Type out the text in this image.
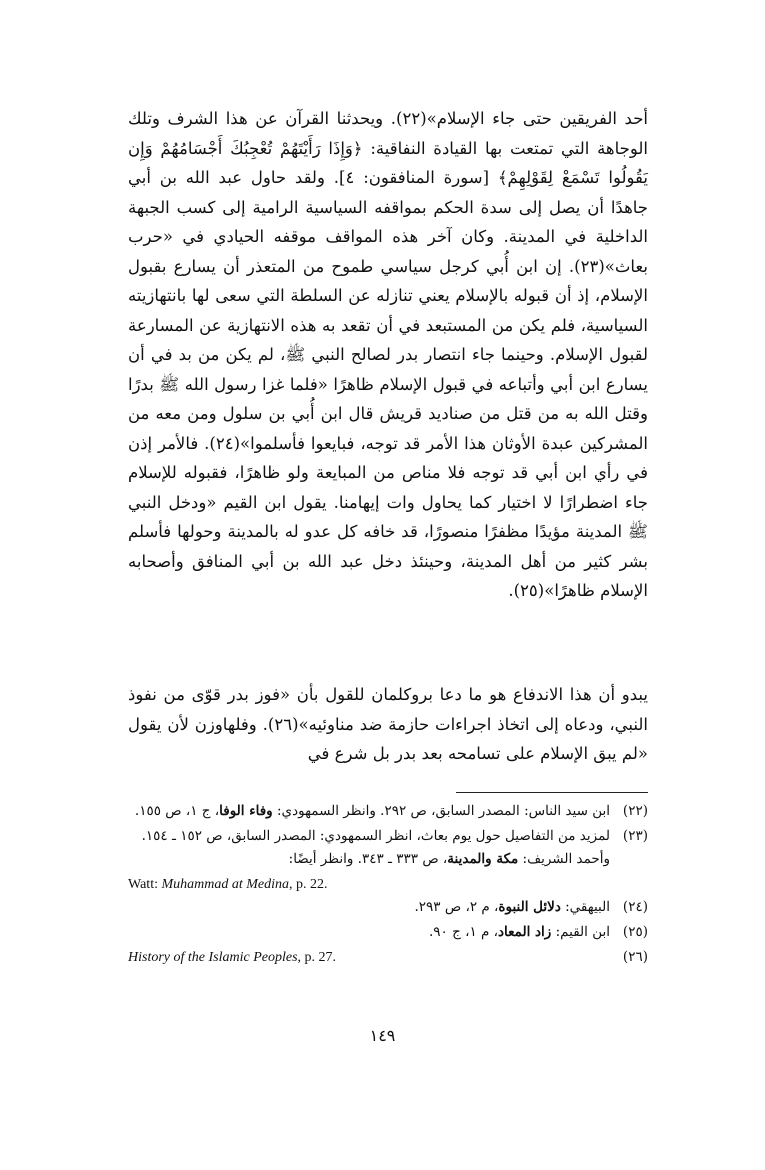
أحد الفريقين حتى جاء الإسلام»(٢٢). ويحدثنا القرآن عن هذا الشرف وتلك الوجاهة التي تمتعت بها القيادة النفاقية: ﴿وَإِذَا رَأَيْتَهُمْ تُعْجِبُكَ أَجْسَامُهُمْ وَإِن يَقُولُوا تَسْمَعْ لِقَوْلِهِمْ﴾ [سورة المنافقون: ٤]. ولقد حاول عبد الله بن أبي جاهدًا أن يصل إلى سدة الحكم بمواقفه السياسية الرامية إلى كسب الجبهة الداخلية في المدينة. وكان آخر هذه المواقف موقفه الحيادي في «حرب بعاث»(٢٣). إن ابن أُبي كرجل سياسي طموح من المتعذر أن يسارع بقبول الإسلام، إذ أن قبوله بالإسلام يعني تنازله عن السلطة التي سعى لها بانتهازيته السياسية، فلم يكن من المستبعد في أن تقعد به هذه الانتهازية عن المسارعة لقبول الإسلام. وحينما جاء انتصار بدر لصالح النبي ﷺ، لم يكن من بد في أن يسارع ابن أبي وأتباعه في قبول الإسلام ظاهرًا «فلما غزا رسول الله ﷺ بدرًا وقتل الله به من قتل من صناديد قريش قال ابن أُبي بن سلول ومن معه من المشركين عبدة الأوثان هذا الأمر قد توجه، فبايعوا فأسلموا»(٢٤). فالأمر إذن في رأي ابن أبي قد توجه فلا مناص من المبايعة ولو ظاهرًا، فقبوله للإسلام جاء اضطرارًا لا اختيار كما يحاول وات إيهامنا. يقول ابن القيم «ودخل النبي ﷺ المدينة مؤيدًا مظفرًا منصورًا، قد خافه كل عدو له بالمدينة وحولها فأسلم بشر كثير من أهل المدينة، وحينئذ دخل عبد الله بن أبي المنافق وأصحابه الإسلام ظاهرًا»(٢٥).

يبدو أن هذا الاندفاع هو ما دعا بروكلمان للقول بأن «فوز بدر قوّى من نفوذ النبي، ودعاه إلى اتخاذ اجراءات حازمة ضد مناوئيه»(٢٦). وفلهاوزن لأن يقول «لم يبق الإسلام على تسامحه بعد بدر بل شرع في

(٢٢)
ابن سيد الناس: المصدر السابق، ص ٢٩٢. وانظر السمهودي: وفاء الوفا، ج ١، ص ١٥٥.
(٢٣)
لمزيد من التفاصيل حول يوم بعاث، انظر السمهودي: المصدر السابق، ص ١٥٢ ـ ١٥٤. وأحمد الشريف: مكة والمدينة، ص ٣٣٣ ـ ٣٤٣. وانظر أيضًا:
Watt: Muhammad at Medina, p. 22.
(٢٤)
البيهقي: دلائل النبوة، م ٢، ص ٢٩٣.
(٢٥)
ابن القيم: زاد المعاد، م ١، ج ٩٠.
History of the Islamic Peoples, p. 27.	(٢٦)
١٤٩
